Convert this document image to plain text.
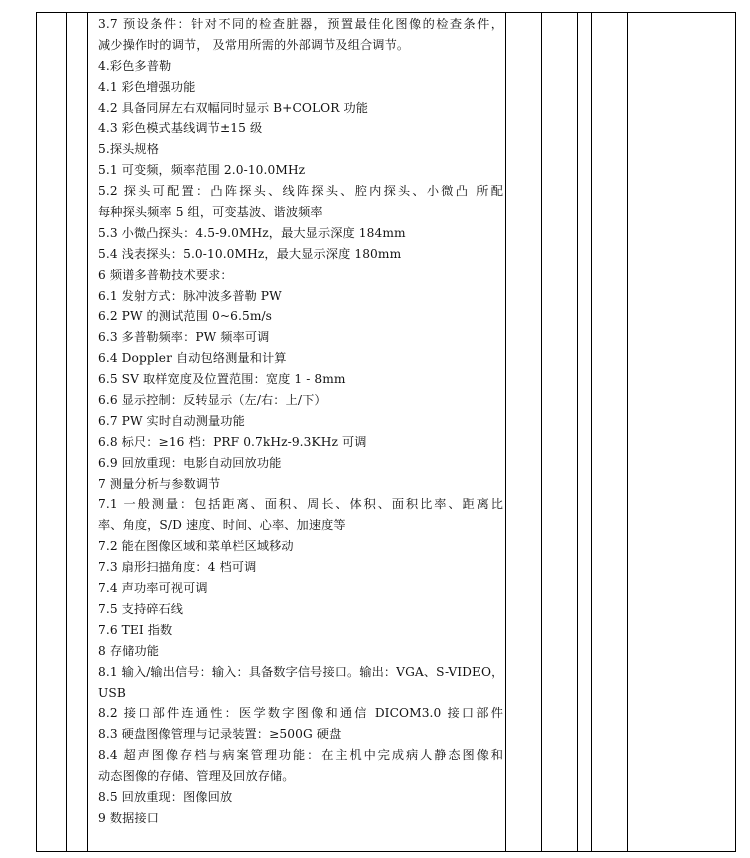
3.7 预设条件：针对不同的检查脏器，预置最佳化图像的检查条件，
减少操作时的调节， 及常用所需的外部调节及组合调节。
4.彩色多普勒
4.1 彩色增强功能
4.2 具备同屏左右双幅同时显示 B+COLOR 功能
4.3 彩色模式基线调节±15 级
5.探头规格
5.1 可变频，频率范围 2.0-10.0MHz
5.2 探头可配置：凸阵探头、线阵探头、腔内探头、小微凸 所配
每种探头频率 5 组，可变基波、谐波频率
5.3 小微凸探头：4.5-9.0MHz，最大显示深度 184mm
5.4 浅表探头：5.0-10.0MHz，最大显示深度 180mm
6 频谱多普勒技术要求：
6.1 发射方式：脉冲波多普勒 PW
6.2 PW 的测试范围 0~6.5m/s
6.3 多普勒频率：PW 频率可调
6.4 Doppler 自动包络测量和计算
6.5 SV 取样宽度及位置范围：宽度 1 - 8mm
6.6 显示控制：反转显示（左/右：上/下）
6.7 PW 实时自动测量功能
6.8 标尺：≥16 档：PRF 0.7kHz-9.3KHz 可调
6.9 回放重现：电影自动回放功能
7 测量分析与参数调节
7.1 一般测量：包括距离、面积、周长、体积、面积比率、距离比
率、角度，S/D 速度、时间、心率、加速度等
7.2 能在图像区域和菜单栏区域移动
7.3 扇形扫描角度：4 档可调
7.4 声功率可视可调
7.5 支持碎石线
7.6 TEI 指数
8 存储功能
8.1 输入/输出信号：输入：具备数字信号接口。输出：VGA、S-VIDEO，
USB
8.2 接口部件连通性：医学数字图像和通信 DICOM3.0 接口部件
8.3 硬盘图像管理与记录装置：≥500G 硬盘
8.4 超声图像存档与病案管理功能：在主机中完成病人静态图像和
动态图像的存储、管理及回放存储。
8.5 回放重现：图像回放
9 数据接口
